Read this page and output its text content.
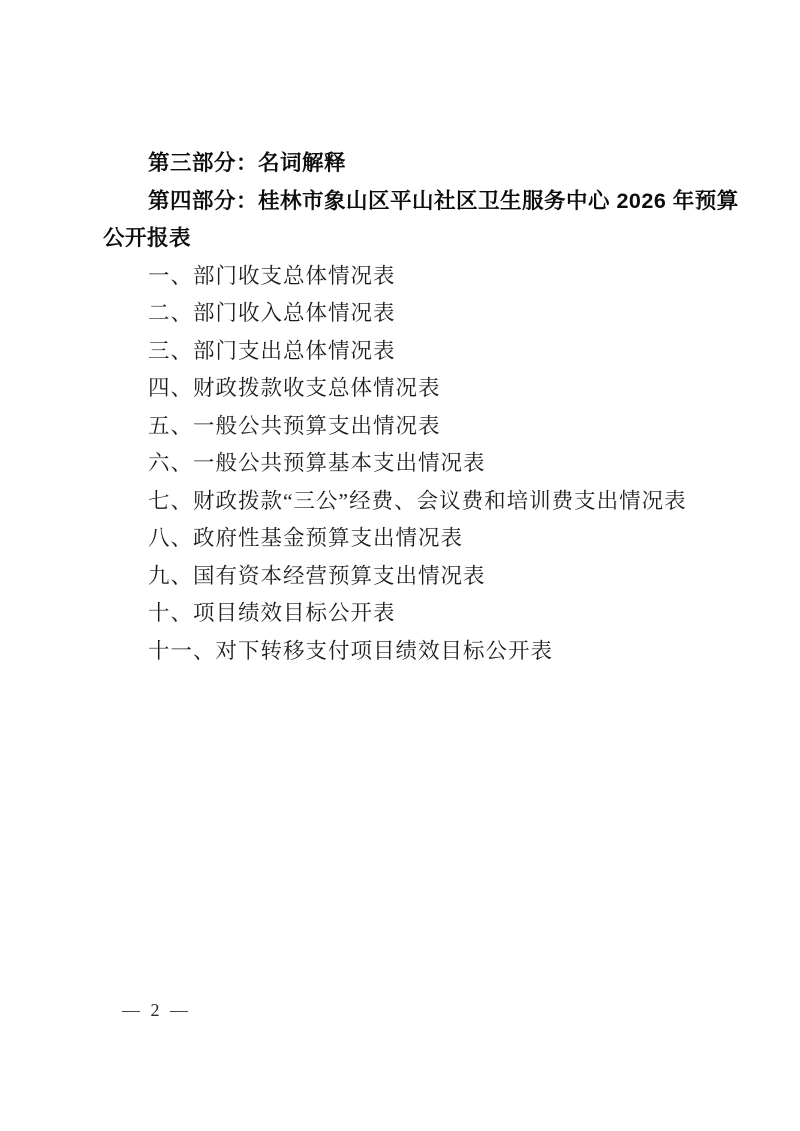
第三部分：名词解释

第四部分：桂林市象山区平山社区卫生服务中心 2026 年预算

公开报表

一、部门收支总体情况表

二、部门收入总体情况表

三、部门支出总体情况表

四、财政拨款收支总体情况表

五、一般公共预算支出情况表

六、一般公共预算基本支出情况表

七、财政拨款“三公”经费、会议费和培训费支出情况表

八、政府性基金预算支出情况表

九、国有资本经营预算支出情况表

十、项目绩效目标公开表

十一、对下转移支付项目绩效目标公开表

— 2 —
